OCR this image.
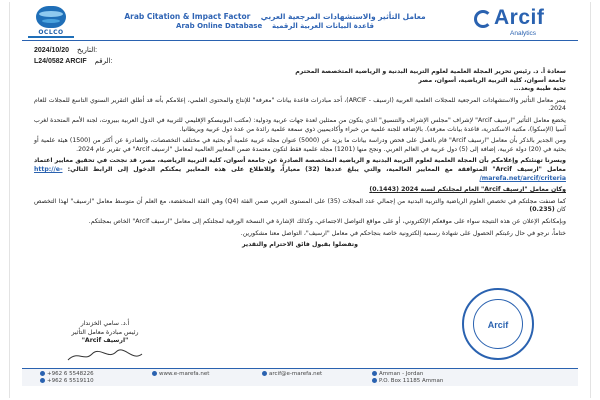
OCLCO
Arab Citation & Impact Factor معامل التأثير والاستشهادات المرجعية العربي
Arab Online Database قاعدة البيانات العربية الرقمية	Arcif
Analytics
2024/10/20 التاريخ:
L24/0582 ARCIF الرقم:

سعادة أ. د. رئيس تحرير المجلة العلمية لعلوم التربية البدنية و الرياضية المتخصصة المحترم
جامعة أسوان، كلية التربية الرياضية، أسوان، مصر
تحية طيبة وبعد...

يسر معامل التأثير والاستشهادات المرجعية للمجلات العلمية العربية (ارسيف - ARCIF)، أحد مبادرات قاعدة بيانات "معرفة" للإنتاج والمحتوى العلمي، إعلامكم بأنه قد أطلق التقرير السنوي التاسع للمجلات للعام 2024.

يخضع معامل التأثير "ارسيف Arcif" لإشراف "مجلس الإشراف والتنسيق" الذي يتكون من ممثلين لعدة جهات عربية ودولية: (مكتب اليونيسكو الإقليمي للتربية في الدول العربية ببيروت، لجنة الأمم المتحدة لغرب آسيا (الإسكوا)، مكتبة الاسكندرية، قاعدة بيانات معرفة). بالإضافة للجنة علمية من خبراء وأكاديميين ذوي سمعة علمية رائدة من عدة دول عربية وبريطانيا.

ومن الجدير بالذكر بأن معامل "ارسيف Arcif" قام بالعمل على فحص ودراسة بيانات ما يزيد عن (5000) عنوان مجلة عربية علمية أو بحثية في مختلف التخصصات، والصادرة عن أكثر من (1500) هيئة علمية أو بحثية في (20) دولة عربية، إضافة إلى (5) دول عربية في العالم العربي. ونجح منها (1201) مجلة علمية فقط لتكون معتمدة ضمن المعايير العالمية لمعامل "ارسيف Arcif" في تقرير عام 2024.

ويسرنا تهنئتكم وإعلامكم بأن المجلة العلمية لعلوم التربية البدنية و الرياضية المتخصصة الصادرة عن جامعة أسوان، كلية التربية الرياضية، مصر، قد نجحت في تحقيق معايير اعتماد معامل "ارسيف Arcif" المتوافقة مع المعايير العالمية، والتي يبلغ عددها (32) معياراً، وللاطلاع على هذه المعايير يمكنكم الدخول إلى الرابط التالي: http://e-marefa.net/arcif/criteria/

وكان معامل "ارسيف Arcif" العام لمجلتكم لسنة 2024 (0.1443)

كما صنفت مجلتكم في تخصص العلوم الرياضية والتربية البدنية من إجمالي عدد المجلات (35) على المستوى العربي ضمن الفئة (Q4) وهي الفئة المنخفضة، مع العلم أن متوسط معامل "ارسيف" لهذا التخصص كان (0.235)

وبإمكانكم الإعلان عن هذه النتيجة سواء على موقعكم الإلكتروني، أو على مواقع التواصل الاجتماعي، وكذلك الإشارة في النسخة الورقية لمجلتكم إلى معامل "ارسيف Arcif" الخاص بمجلتكم.

ختاماً، نرجو في حال رغبتكم الحصول على شهادة رسمية إلكترونية خاصة بنجاحكم في معامل "ارسيف"، التواصل معنا مشكورين.

وتفضلوا بقبول فائق الاحترام والتقدير

أ.د. سامي الخزندار
رئيس مبادرة معامل التأثير
"ارسيف Arcif"
Arcif
+962 6 5548226
+962 6 5519110
www.e-marefa.net	arcif@e-marefa.net	Amman - Jordan
P.O. Box 11185 Amman
